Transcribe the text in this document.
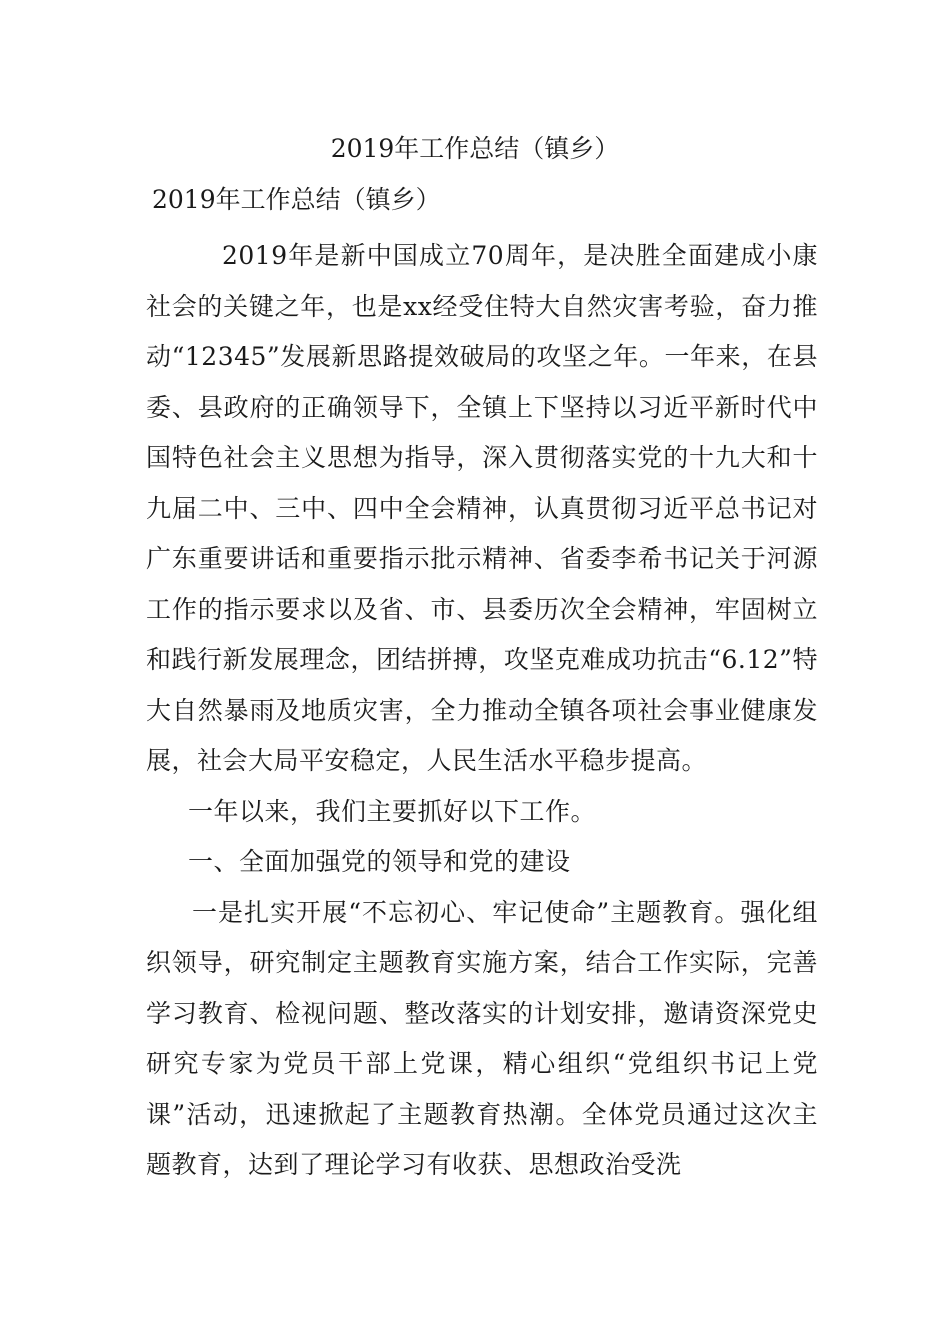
2019年工作总结（镇乡）
2019年工作总结（镇乡）

2019年是新中国成立70周年，是决胜全面建成小康社会的关键之年，也是xx经受住特大自然灾害考验，奋力推动“12345”发展新思路提效破局的攻坚之年。一年来，在县委、县政府的正确领导下，全镇上下坚持以习近平新时代中国特色社会主义思想为指导，深入贯彻落实党的十九大和十九届二中、三中、四中全会精神，认真贯彻习近平总书记对广东重要讲话和重要指示批示精神、省委李希书记关于河源工作的指示要求以及省、市、县委历次全会精神，牢固树立和践行新发展理念，团结拼搏，攻坚克难成功抗击“6.12”特大自然暴雨及地质灾害，全力推动全镇各项社会事业健康发展，社会大局平安稳定，人民生活水平稳步提高。

一年以来，我们主要抓好以下工作。

一、全面加强党的领导和党的建设

一是扎实开展“不忘初心、牢记使命”主题教育。强化组织领导，研究制定主题教育实施方案，结合工作实际，完善学习教育、检视问题、整改落实的计划安排，邀请资深党史研究专家为党员干部上党课，精心组织“党组织书记上党课”活动，迅速掀起了主题教育热潮。全体党员通过这次主题教育，达到了理论学习有收获、思想政治受洗
